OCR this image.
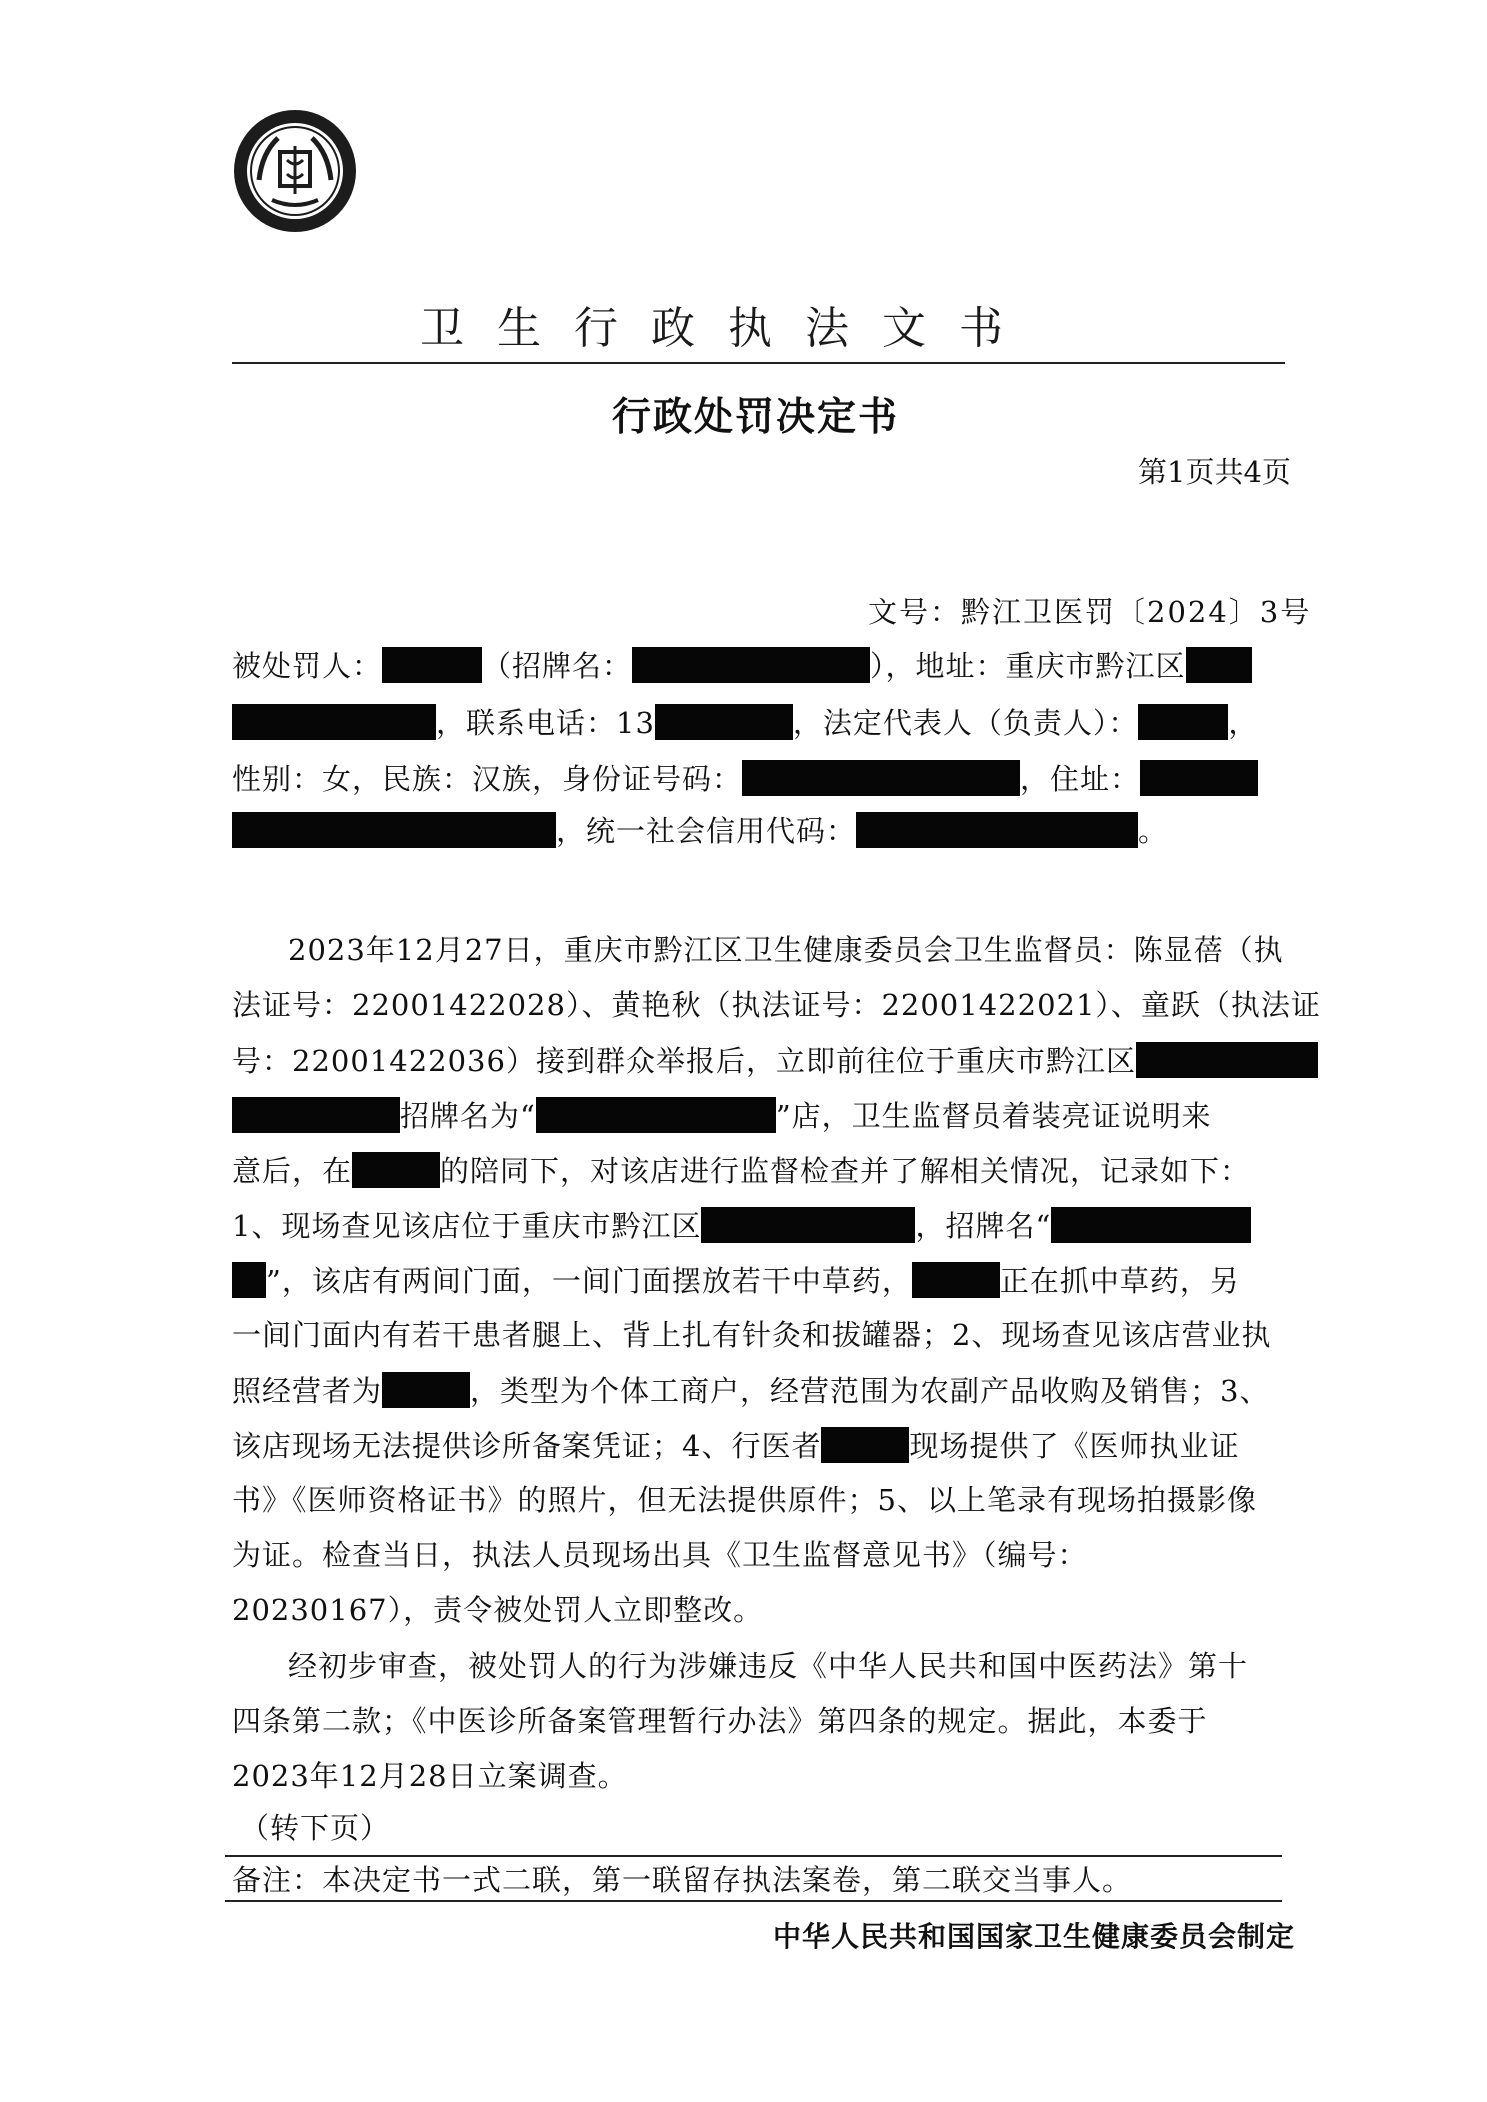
卫生行政执法文书
行政处罚决定书
第1页共4页
文号：黔江卫医罚〔2024〕3号
被处罚人：	（招牌名：	），地址：重庆市黔江区
，联系电话：13	，法定代表人（负责人）：	，
性别：女，民族：汉族，身份证号码：	，住址：
，统一社会信用代码：	。
2023年12月27日，重庆市黔江区卫生健康委员会卫生监督员：陈显蓓（执
法证号：22001422028）、黄艳秋（执法证号：22001422021）、童跃（执法证
号：22001422036）接到群众举报后，立即前往位于重庆市黔江区
招牌名为“	”店，卫生监督员着装亮证说明来
意后，在	的陪同下，对该店进行监督检查并了解相关情况，记录如下：
1、现场查见该店位于重庆市黔江区	，招牌名“
”，该店有两间门面，一间门面摆放若干中草药，	正在抓中草药，另
一间门面内有若干患者腿上、背上扎有针灸和拔罐器；2、现场查见该店营业执
照经营者为	，类型为个体工商户，经营范围为农副产品收购及销售；3、
该店现场无法提供诊所备案凭证；4、行医者	现场提供了《医师执业证
书》《医师资格证书》的照片，但无法提供原件；5、以上笔录有现场拍摄影像
为证。检查当日，执法人员现场出具《卫生监督意见书》（编号：
20230167），责令被处罚人立即整改。
经初步审查，被处罚人的行为涉嫌违反《中华人民共和国中医药法》第十
四条第二款；《中医诊所备案管理暂行办法》第四条的规定。据此，本委于
2023年12月28日立案调查。
（转下页）
备注：本决定书一式二联，第一联留存执法案卷，第二联交当事人。
中华人民共和国国家卫生健康委员会制定
